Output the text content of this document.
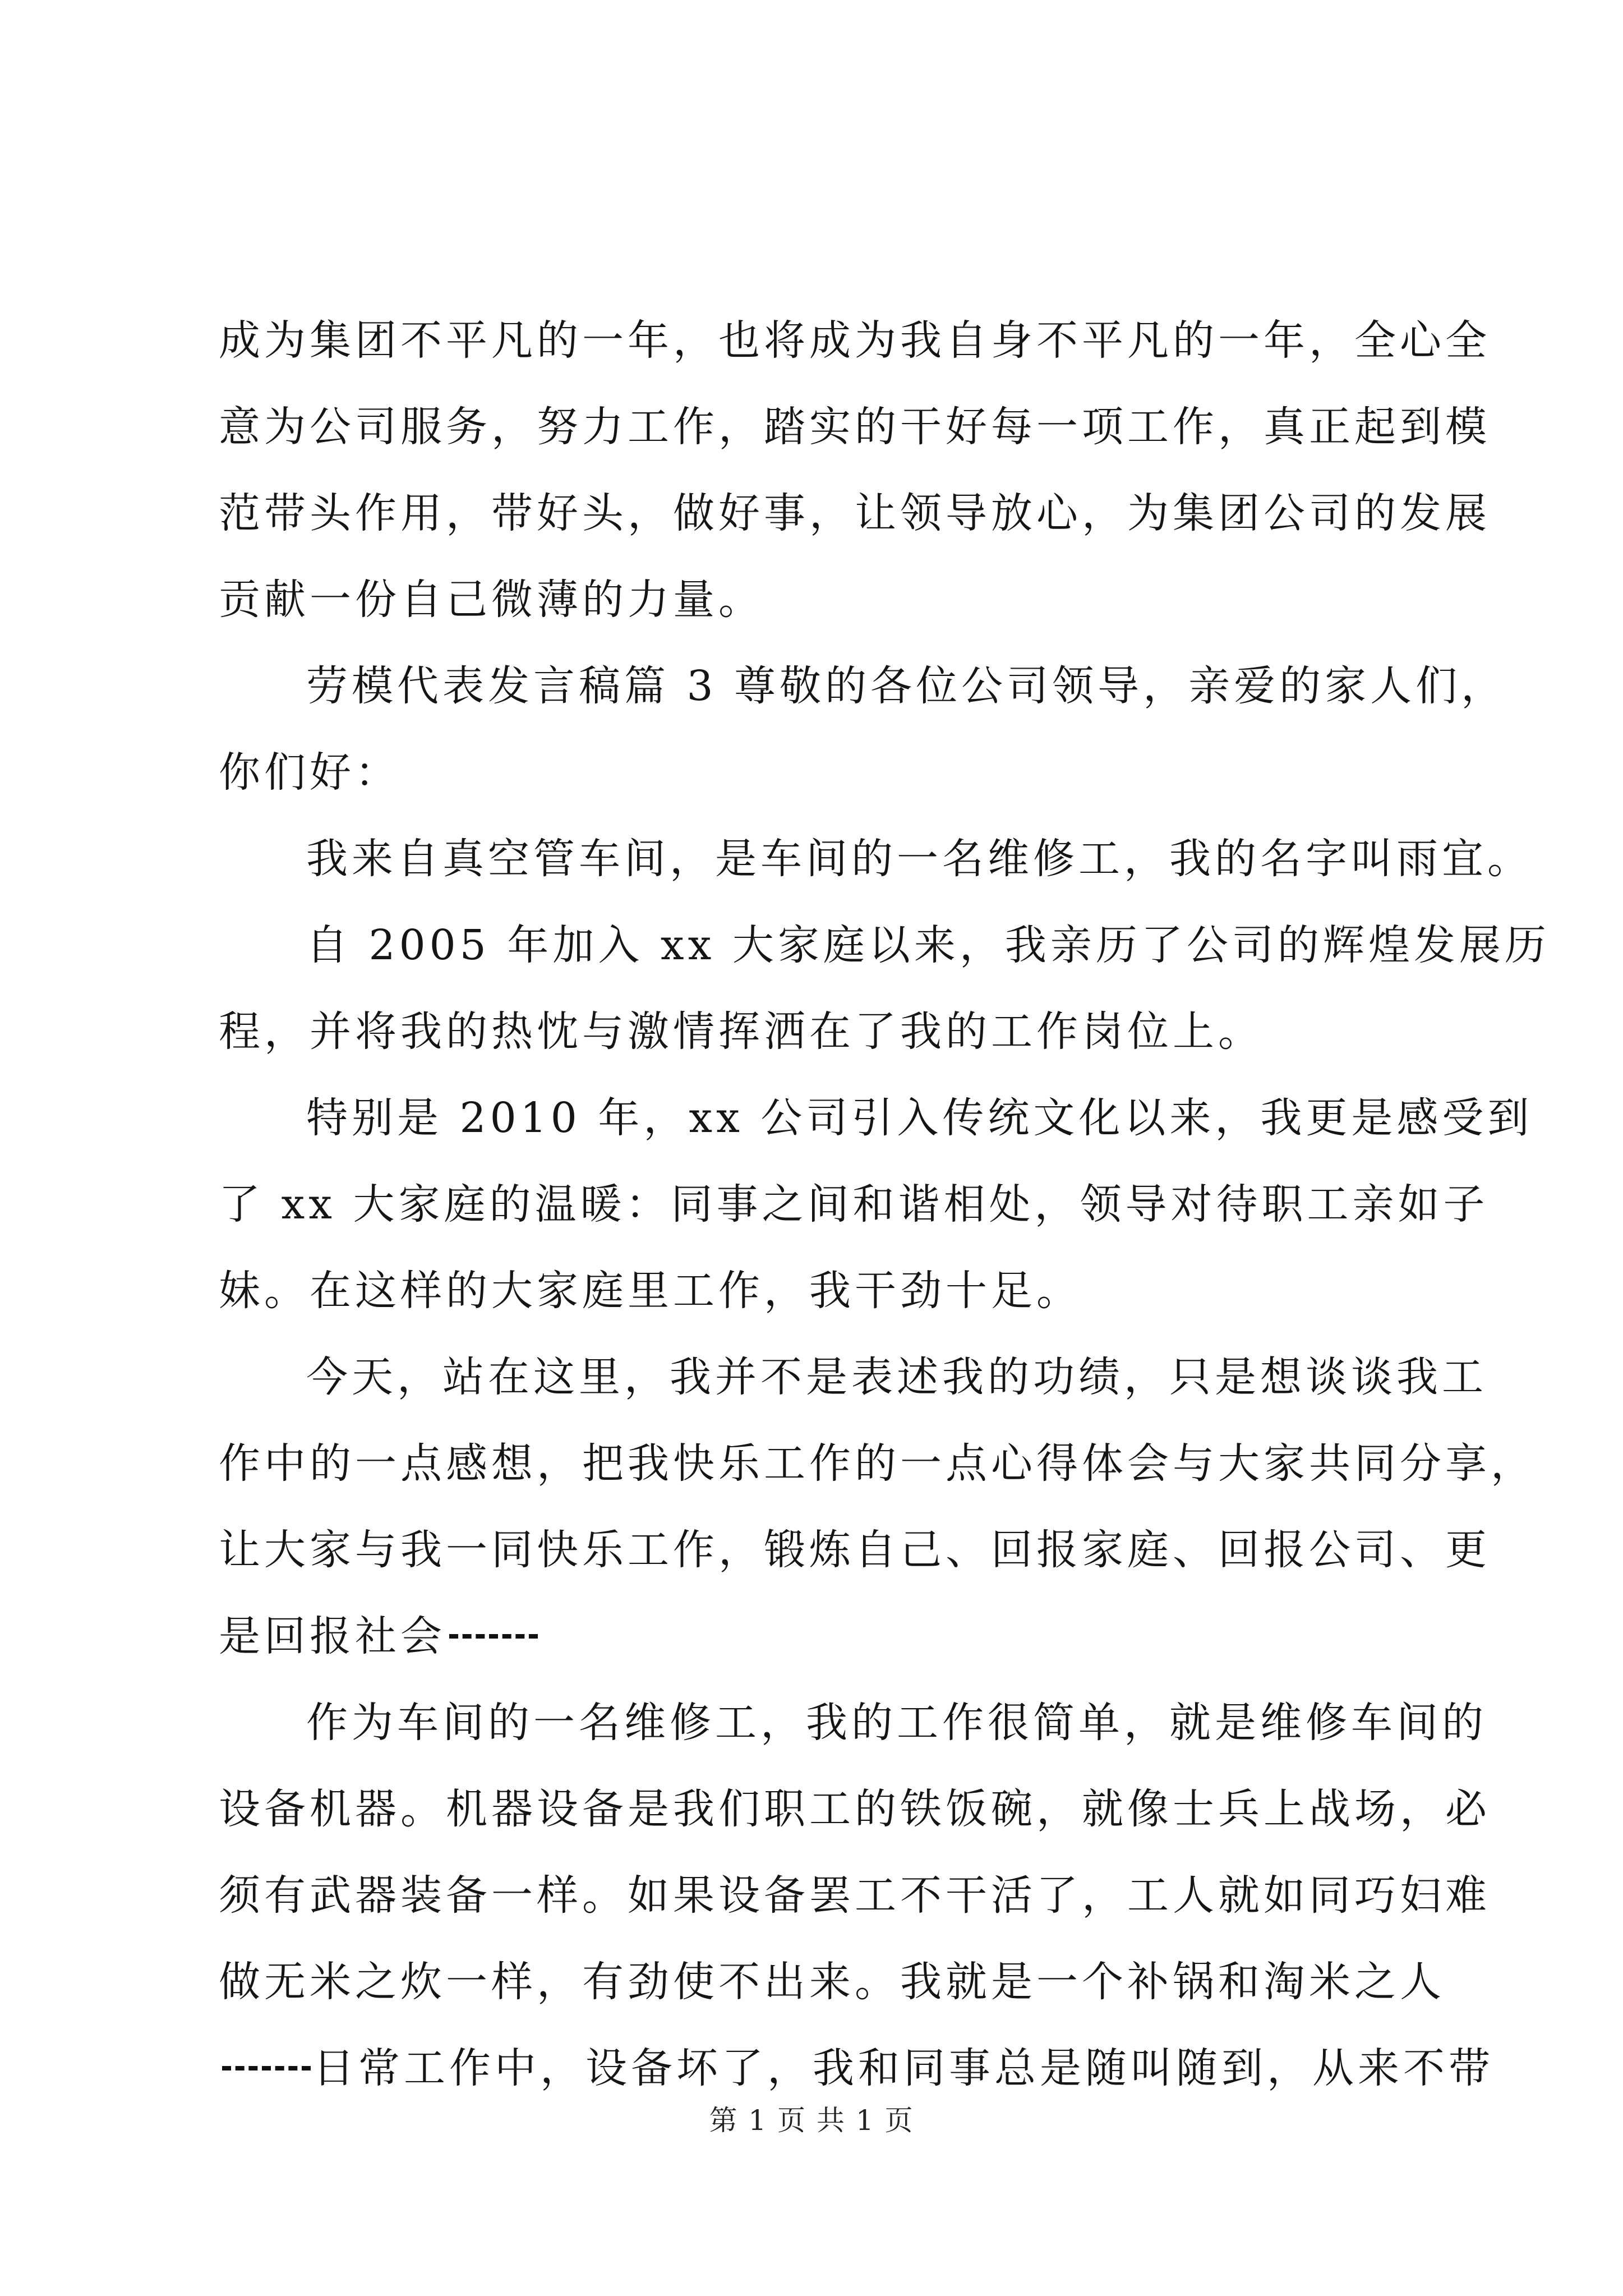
成为集团不平凡的一年，也将成为我自身不平凡的一年，全心全
意为公司服务，努力工作，踏实的干好每一项工作，真正起到模
范带头作用，带好头，做好事，让领导放心，为集团公司的发展
贡献一份自己微薄的力量。
劳模代表发言稿篇 3 尊敬的各位公司领导，亲爱的家人们，
你们好：
我来自真空管车间，是车间的一名维修工，我的名字叫雨宜。
自 2005 年加入 xx 大家庭以来，我亲历了公司的辉煌发展历
程，并将我的热忱与激情挥洒在了我的工作岗位上。
特别是 2010 年，xx 公司引入传统文化以来，我更是感受到
了 xx 大家庭的温暖：同事之间和谐相处，领导对待职工亲如子
妹。在这样的大家庭里工作，我干劲十足。
今天，站在这里，我并不是表述我的功绩，只是想谈谈我工
作中的一点感想，把我快乐工作的一点心得体会与大家共同分享，
让大家与我一同快乐工作，锻炼自己、回报家庭、回报公司、更
是回报社会
作为车间的一名维修工，我的工作很简单，就是维修车间的
设备机器。机器设备是我们职工的铁饭碗，就像士兵上战场，必
须有武器装备一样。如果设备罢工不干活了，工人就如同巧妇难
做无米之炊一样，有劲使不出来。我就是一个补锅和淘米之人
日常工作中，设备坏了，我和同事总是随叫随到，从来不带
第 1 页 共 1 页
